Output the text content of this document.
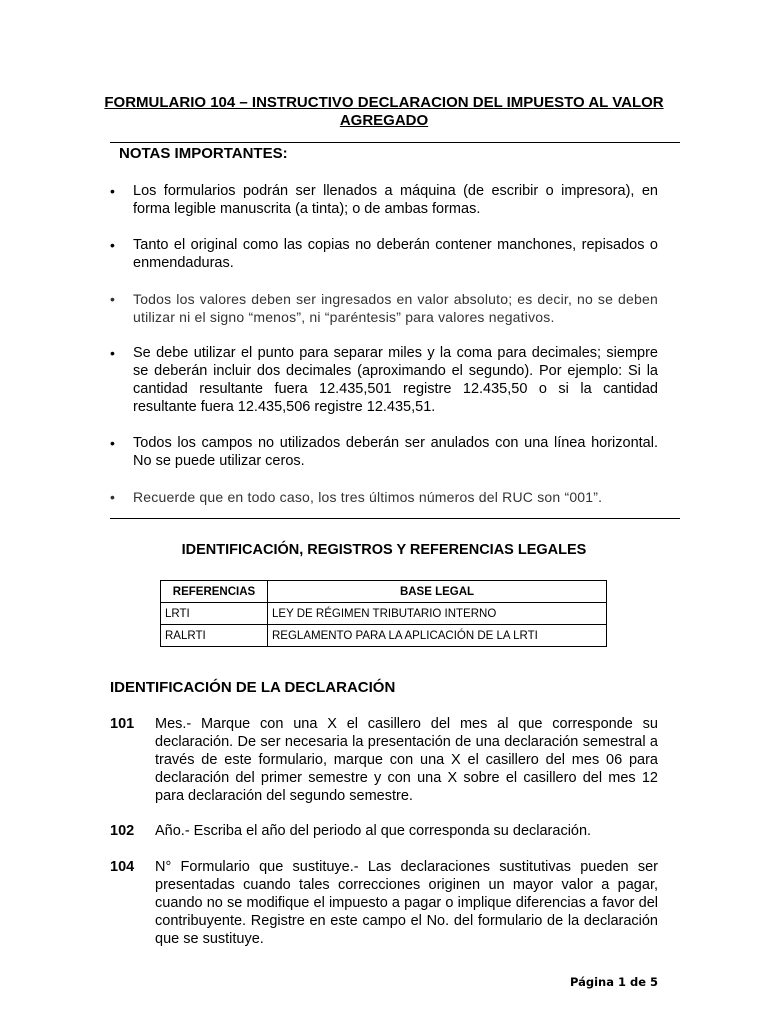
FORMULARIO 104 – INSTRUCTIVO DECLARACION DEL IMPUESTO AL VALOR AGREGADO
NOTAS IMPORTANTES:
• Los formularios podrán ser llenados a máquina (de escribir o impresora), en forma legible manuscrita (a tinta); o de ambas formas.
• Tanto el original como las copias no deberán contener manchones, repisados o enmendaduras.
• Todos los valores deben ser ingresados en valor absoluto; es decir, no se deben utilizar ni el signo “menos”, ni “paréntesis” para valores negativos.
• Se debe utilizar el punto para separar miles y la coma para decimales; siempre se deberán incluir dos decimales (aproximando el segundo). Por ejemplo: Si la cantidad resultante fuera 12.435,501 registre 12.435,50 o si la cantidad resultante fuera 12.435,506 registre 12.435,51.
• Todos los campos no utilizados deberán ser anulados con una línea horizontal. No se puede utilizar ceros.
• Recuerde que en todo caso, los tres últimos números del RUC son “001”.
IDENTIFICACIÓN, REGISTROS Y REFERENCIAS LEGALES
REFERENCIAS	BASE LEGAL
LRTI	LEY DE RÉGIMEN TRIBUTARIO INTERNO
RALRTI	REGLAMENTO PARA LA APLICACIÓN DE LA LRTI
IDENTIFICACIÓN DE LA DECLARACIÓN
101 Mes.- Marque con una X el casillero del mes al que corresponde su declaración. De ser necesaria la presentación de una declaración semestral a través de este formulario, marque con una X el casillero del mes 06 para declaración del primer semestre y con una X sobre el casillero del mes 12 para declaración del segundo semestre.
102 Año.- Escriba el año del periodo al que corresponda su declaración.
104 N° Formulario que sustituye.- Las declaraciones sustitutivas pueden ser presentadas cuando tales correcciones originen un mayor valor a pagar, cuando no se modifique el impuesto a pagar o implique diferencias a favor del contribuyente. Registre en este campo el No. del formulario de la declaración que se sustituye.
Página 1 de 5
